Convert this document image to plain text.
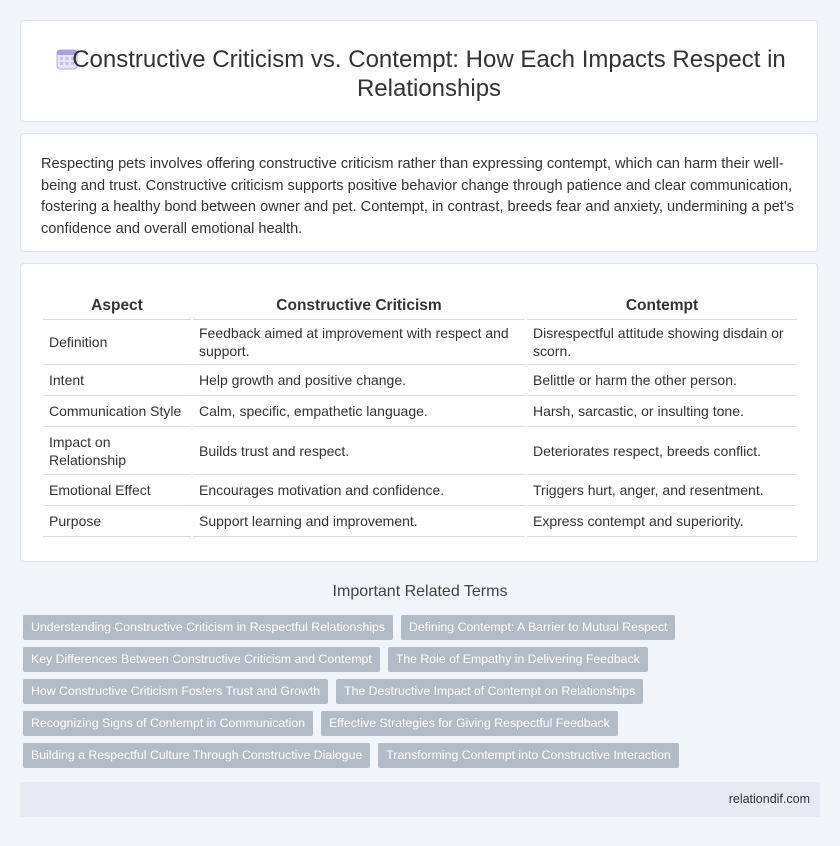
Constructive Criticism vs. Contempt: How Each Impacts Respect in Relationships
Respecting pets involves offering constructive criticism rather than expressing contempt, which can harm their well-being and trust. Constructive criticism supports positive behavior change through patience and clear communication, fostering a healthy bond between owner and pet. Contempt, in contrast, breeds fear and anxiety, undermining a pet's confidence and overall emotional health.
Aspect	Constructive Criticism	Contempt
Definition	Feedback aimed at improvement with respect and support.	Disrespectful attitude showing disdain or scorn.
Intent	Help growth and positive change.	Belittle or harm the other person.
Communication Style	Calm, specific, empathetic language.	Harsh, sarcastic, or insulting tone.
Impact on Relationship	Builds trust and respect.	Deteriorates respect, breeds conflict.
Emotional Effect	Encourages motivation and confidence.	Triggers hurt, anger, and resentment.
Purpose	Support learning and improvement.	Express contempt and superiority.
Important Related Terms
Understanding Constructive Criticism in Respectful Relationships	Defining Contempt: A Barrier to Mutual Respect
Key Differences Between Constructive Criticism and Contempt	The Role of Empathy in Delivering Feedback
How Constructive Criticism Fosters Trust and Growth	The Destructive Impact of Contempt on Relationships
Recognizing Signs of Contempt in Communication	Effective Strategies for Giving Respectful Feedback
Building a Respectful Culture Through Constructive Dialogue	Transforming Contempt into Constructive Interaction
relationdif.com
